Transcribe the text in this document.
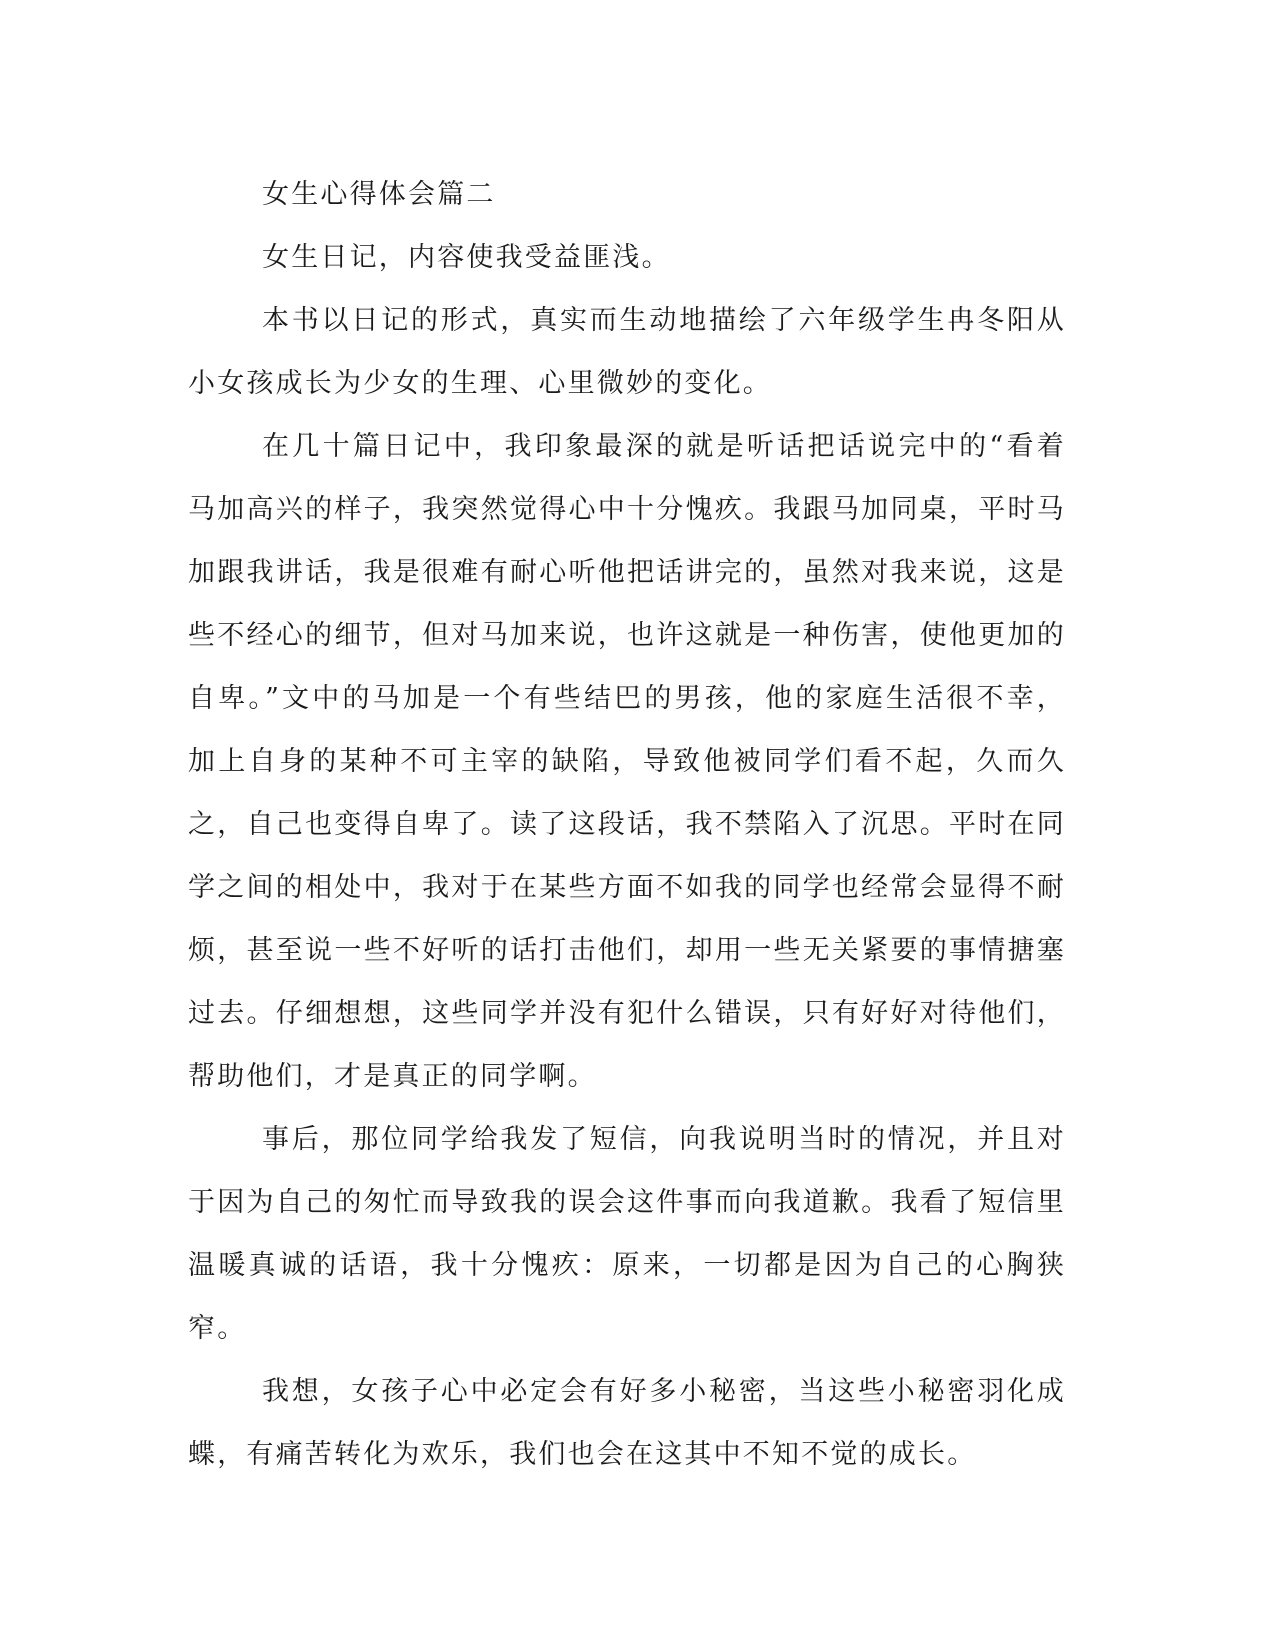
女生心得体会篇二

女生日记，内容使我受益匪浅。

本书以日记的形式，真实而生动地描绘了六年级学生冉冬阳从小女孩成长为少女的生理、心里微妙的变化。

在几十篇日记中，我印象最深的就是听话把话说完中的“看着马加高兴的样子，我突然觉得心中十分愧疚。我跟马加同桌，平时马加跟我讲话，我是很难有耐心听他把话讲完的，虽然对我来说，这是些不经心的细节，但对马加来说，也许这就是一种伤害，使他更加的自卑。”文中的马加是一个有些结巴的男孩，他的家庭生活很不幸，加上自身的某种不可主宰的缺陷，导致他被同学们看不起，久而久之，自己也变得自卑了。读了这段话，我不禁陷入了沉思。平时在同学之间的相处中，我对于在某些方面不如我的同学也经常会显得不耐烦，甚至说一些不好听的话打击他们，却用一些无关紧要的事情搪塞过去。仔细想想，这些同学并没有犯什么错误，只有好好对待他们，帮助他们，才是真正的同学啊。

事后，那位同学给我发了短信，向我说明当时的情况，并且对于因为自己的匆忙而导致我的误会这件事而向我道歉。我看了短信里温暖真诚的话语，我十分愧疚：原来，一切都是因为自己的心胸狭窄。

我想，女孩子心中必定会有好多小秘密，当这些小秘密羽化成蝶，有痛苦转化为欢乐，我们也会在这其中不知不觉的成长。
